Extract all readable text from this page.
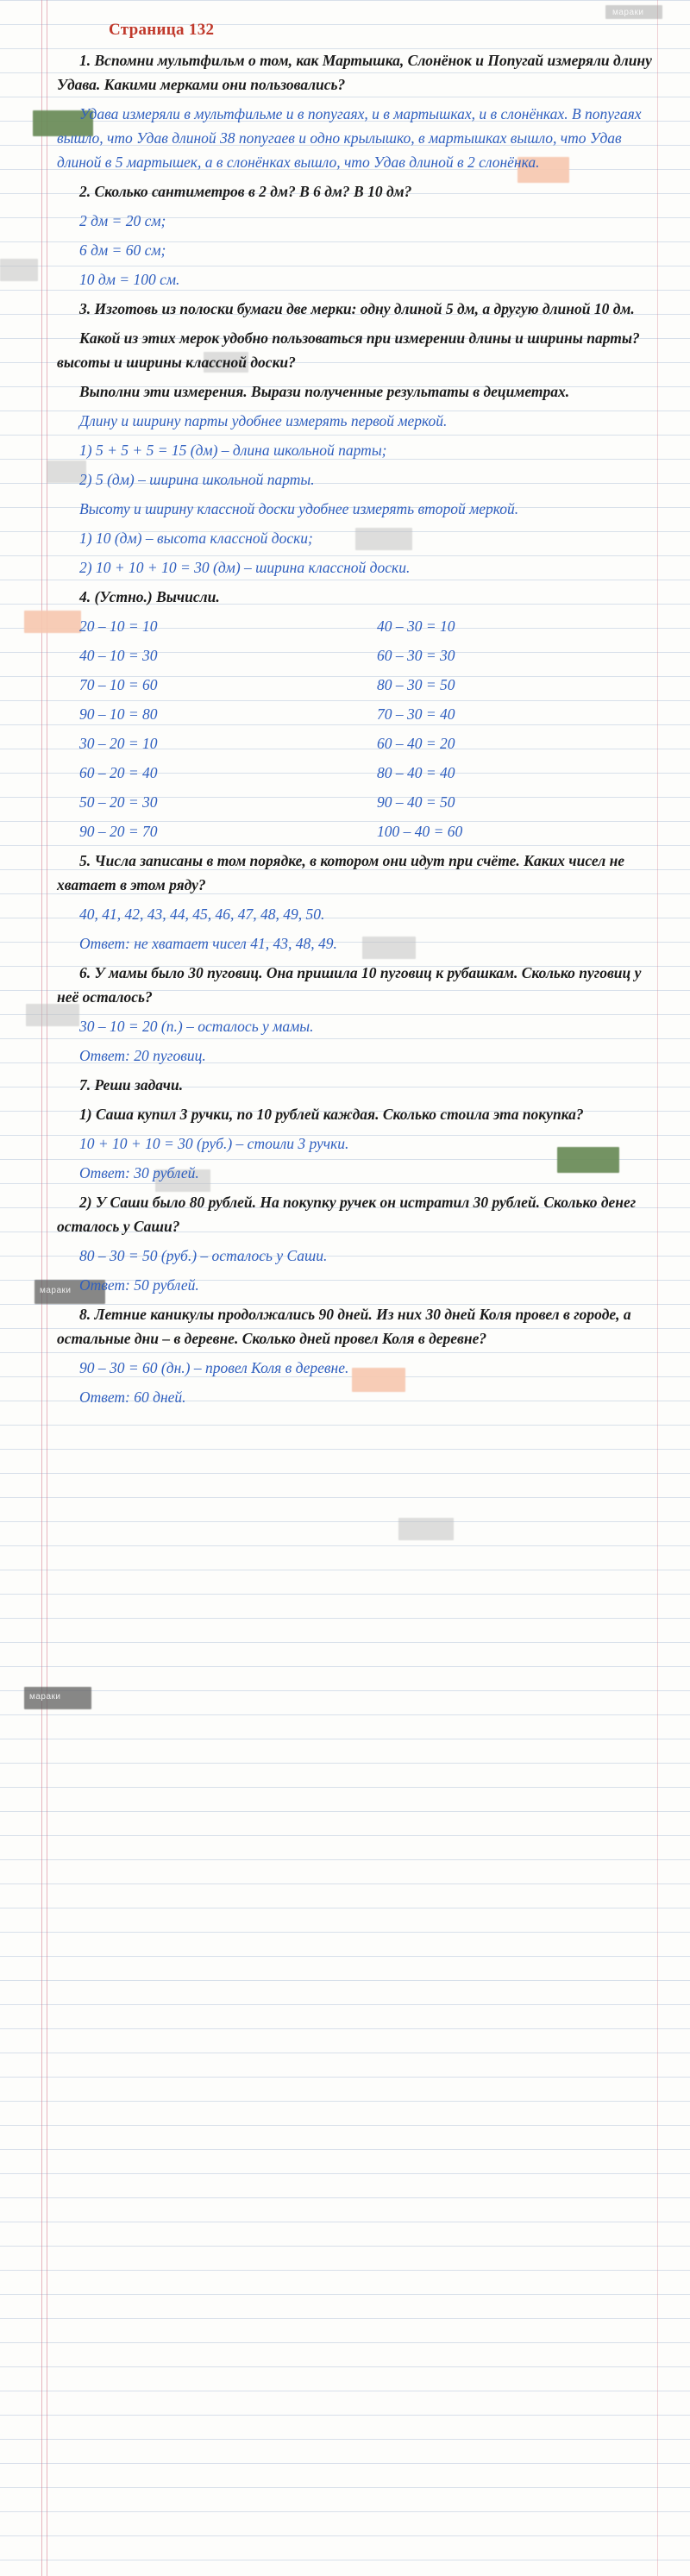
мараки
мараки
мараки
Страница 132

1. Вспомни мультфильм о том, как Мартышка, Слонёнок и Попугай измеряли длину Удава. Какими мерками они пользовались?

Удава измеряли в мультфильме и в попугаях, и в мартышках, и в слонёнках. В попугаях вышло, что Удав длиной 38 попугаев и одно крылышко, в мартышках вышло, что Удав длиной в 5 мартышек, а в слонёнках вышло, что Удав длиной в 2 слонёнка.

2. Сколько сантиметров в 2 дм? В 6 дм? В 10 дм?

2 дм = 20 см;

6 дм = 60 см;

10 дм = 100 см.

3. Изготовь из полоски бумаги две мерки: одну длиной 5 дм, а другую длиной 10 дм.

Какой из этих мерок удобно пользоваться при измерении длины и ширины парты? высоты и ширины классной доски?

Выполни эти измерения. Вырази полученные результаты в дециметрах.

Длину и ширину парты удобнее измерять первой меркой.

1) 5 + 5 + 5 = 15 (дм) – длина школьной парты;

2) 5 (дм) – ширина школьной парты.

Высоту и ширину классной доски удобнее измерять второй меркой.

1) 10 (дм) – высота классной доски;

2) 10 + 10 + 10 = 30 (дм) – ширина классной доски.

4. (Устно.) Вычисли.

20 – 10 = 10

40 – 10 = 30

70 – 10 = 60

90 – 10 = 80

30 – 20 = 10

60 – 20 = 40

50 – 20 = 30

90 – 20 = 70

40 – 30 = 10

60 – 30 = 30

80 – 30 = 50

70 – 30 = 40

60 – 40 = 20

80 – 40 = 40

90 – 40 = 50

100 – 40 = 60

5. Числа записаны в том порядке, в котором они идут при счёте. Каких чисел не хватает в этом ряду?

40, 41, 42, 43, 44, 45, 46, 47, 48, 49, 50.

Ответ: не хватает чисел 41, 43, 48, 49.

6. У мамы было 30 пуговиц. Она пришила 10 пуговиц к рубашкам. Сколько пуговиц у неё осталось?

30 – 10 = 20 (п.) – осталось у мамы.

Ответ: 20 пуговиц.

7. Реши задачи.

1) Саша купил 3 ручки, по 10 рублей каждая. Сколько стоила эта покупка?

10 + 10 + 10 = 30 (руб.) – стоили 3 ручки.

Ответ: 30 рублей.

2) У Саши было 80 рублей. На покупку ручек он истратил 30 рублей. Сколько денег осталось у Саши?

80 – 30 = 50 (руб.) – осталось у Саши.

Ответ: 50 рублей.

8. Летние каникулы продолжались 90 дней. Из них 30 дней Коля провел в городе, а остальные дни – в деревне. Сколько дней провел Коля в деревне?

90 – 30 = 60 (дн.) – провел Коля в деревне.

Ответ: 60 дней.
